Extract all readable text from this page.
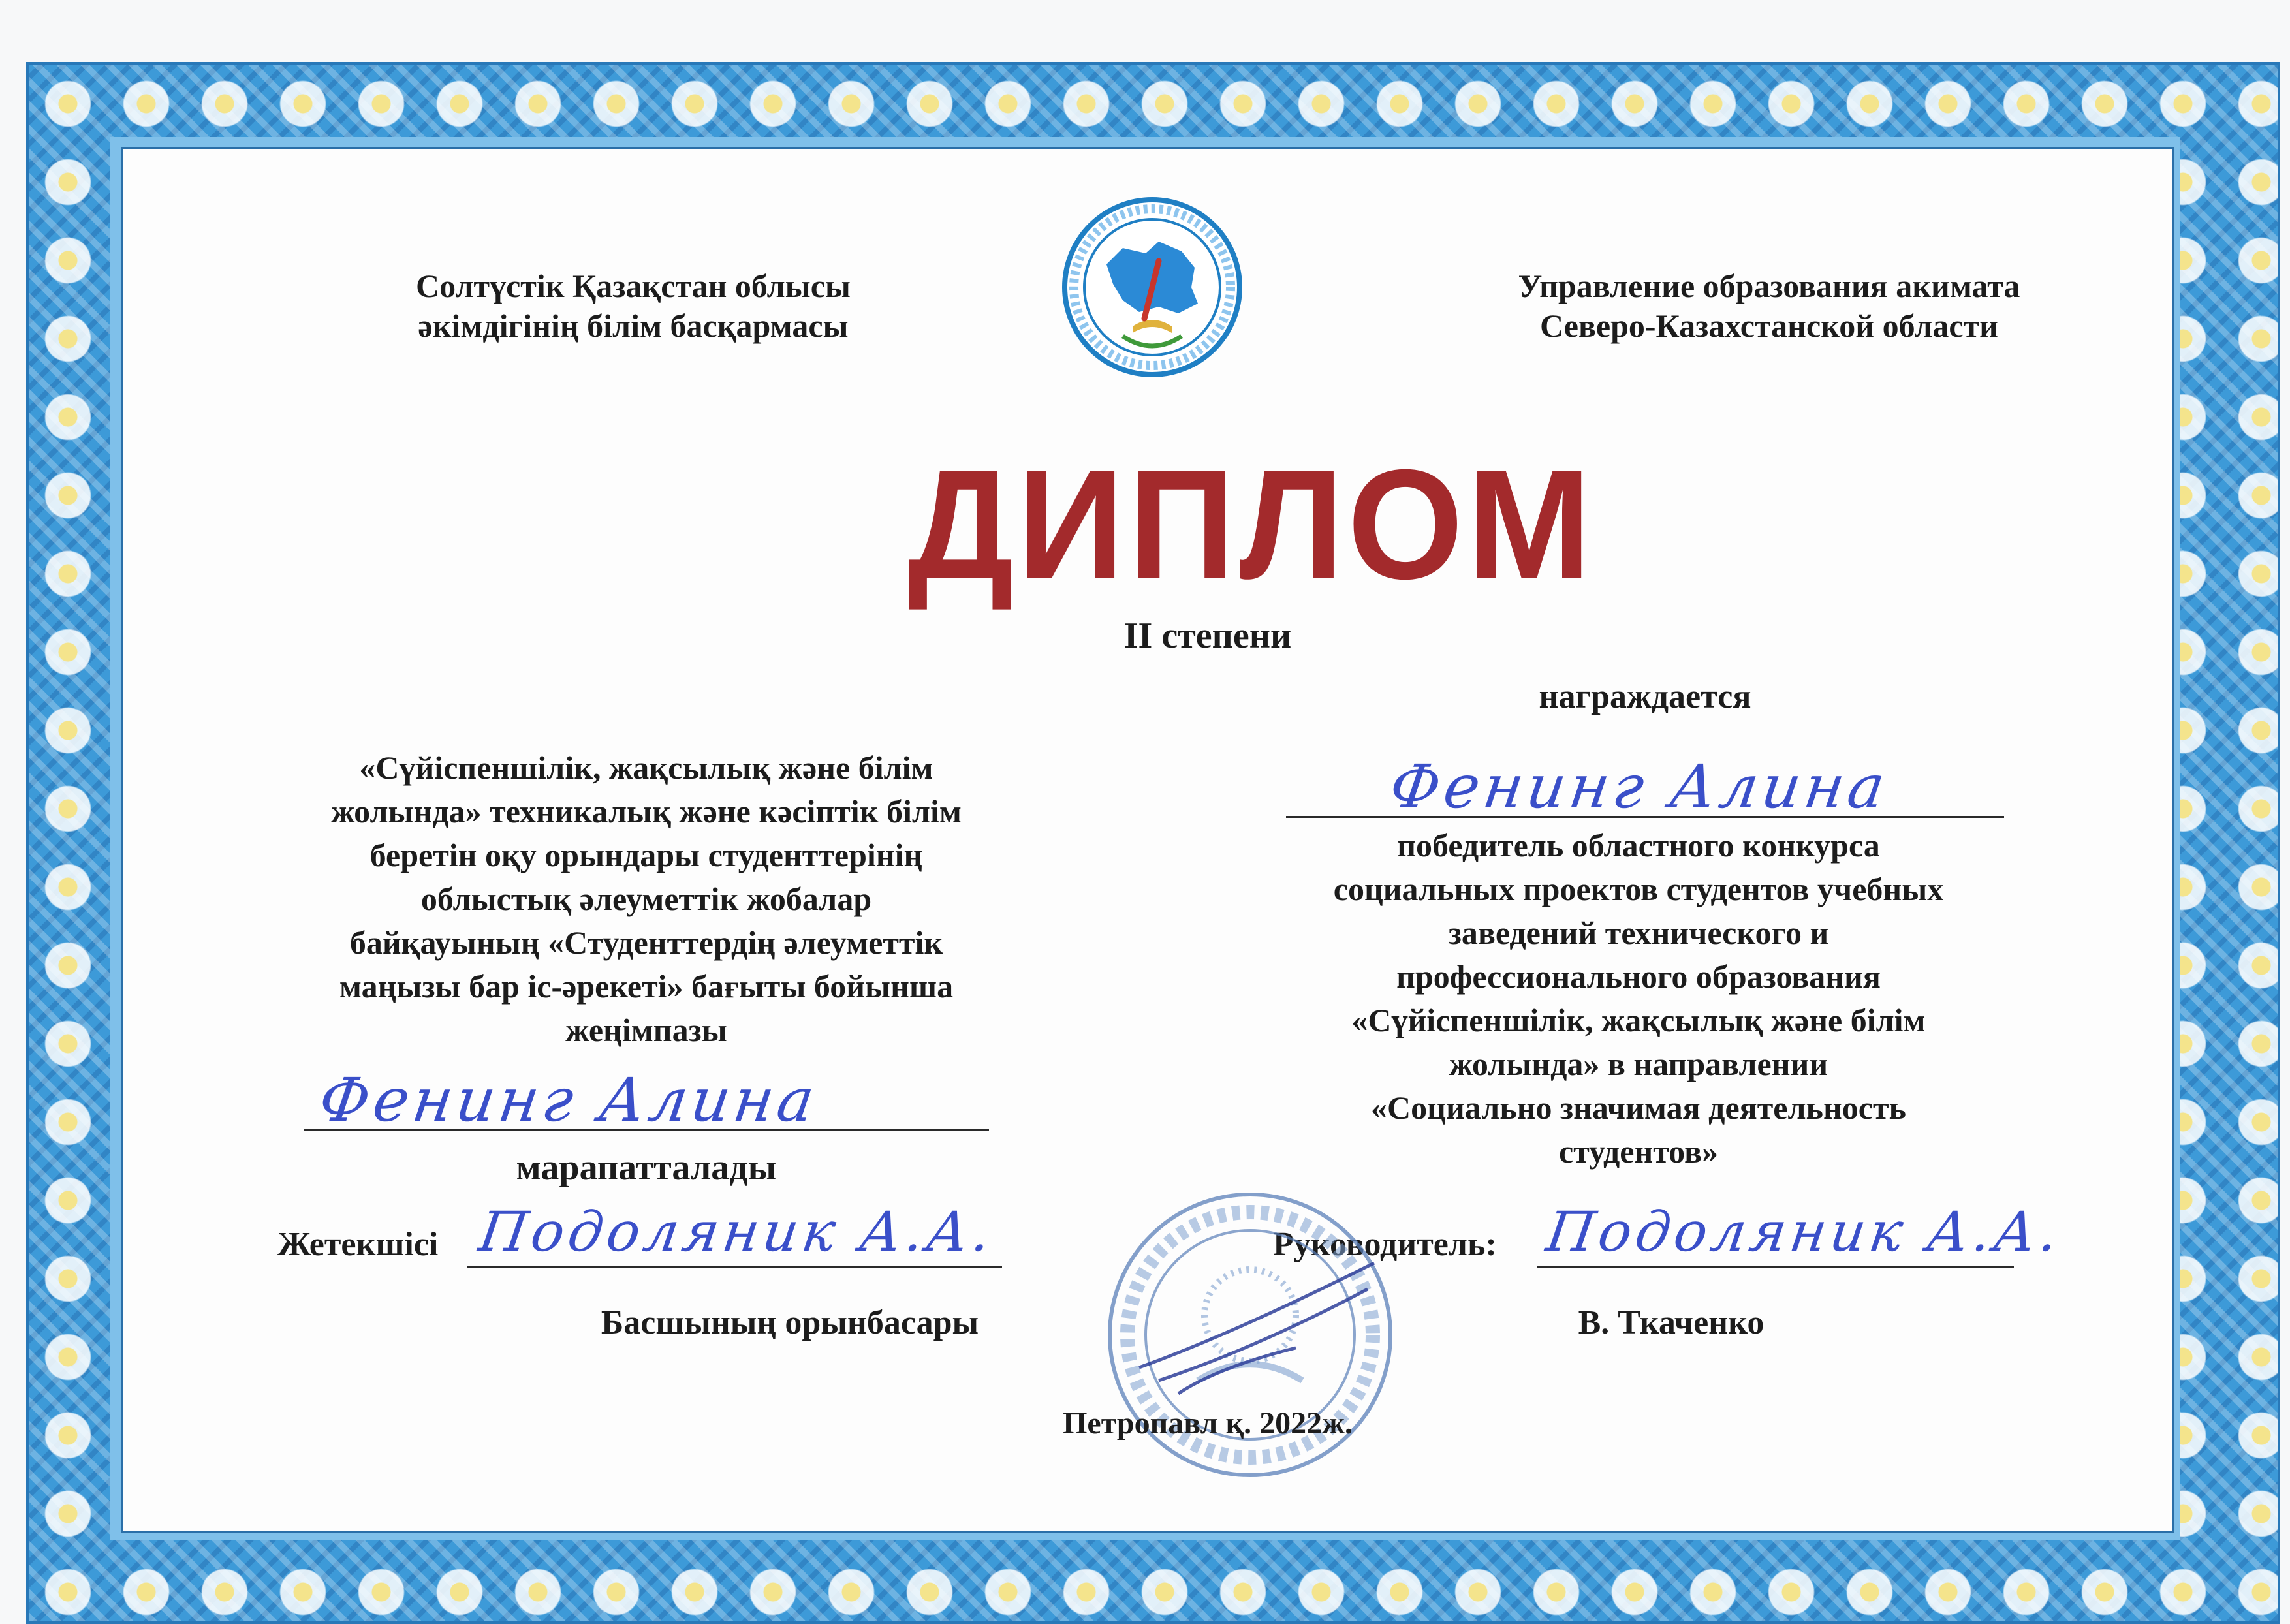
Солтүстік Қазақстан облысы
әкімдігінің білім басқармасы
Управление образования акимата
Северо-Казахстанской области
ДИПЛОМ
II степени
награждается
Фенинг Алина
победитель областного конкурса
социальных проектов студентов учебных
заведений технического и
профессионального образования
«Сүйіспеншілік, жақсылық және білім
жолында» в направлении
«Социально значимая деятельность
студентов»
Руководитель: Подоляник А.А.
В. Ткаченко
«Сүйіспеншілік, жақсылық және білім
жолында» техникалық және кәсіптік білім
беретін оқу орындары студенттерінің
облыстық әлеуметтік жобалар
байқауының «Студенттердің әлеуметтік
маңызы бар іс-әрекеті» бағыты бойынша
жеңімпазы
Фенинг Алина
марапатталады
Жетекшісі Подоляник А.А.
Басшының орынбасары
Петропавл қ. 2022ж.
